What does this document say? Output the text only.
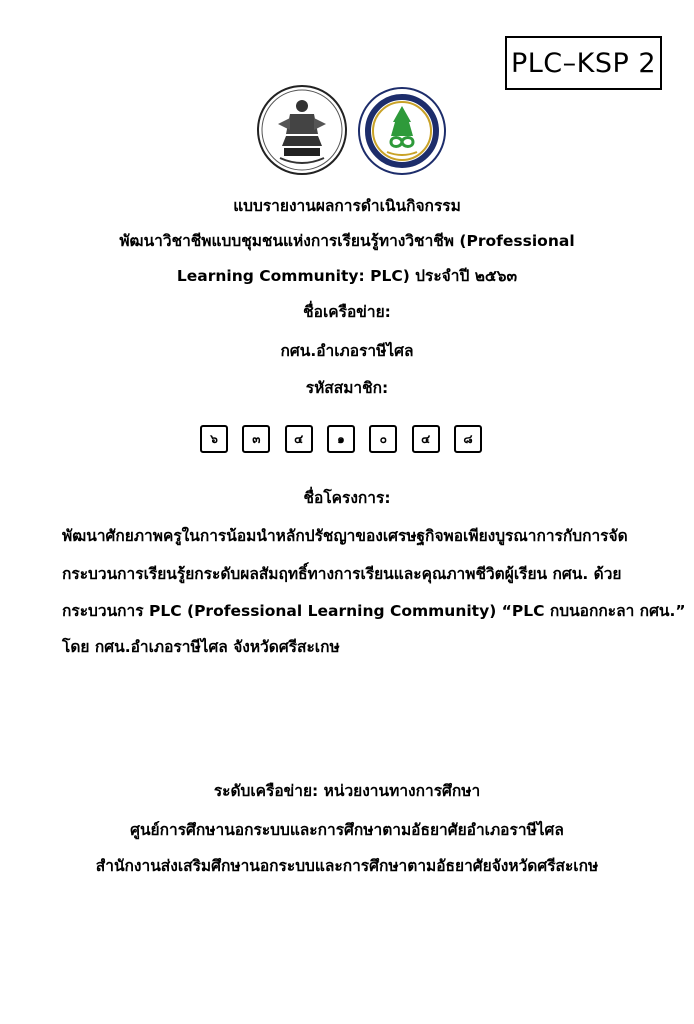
PLC–KSP 2
แบบรายงานผลการดำเนินกิจกรรม
พัฒนาวิชาชีพแบบชุมชนแห่งการเรียนรู้ทางวิชาชีพ (Professional
Learning Community: PLC) ประจำปี ๒๕๖๓
ชื่อเครือข่าย:
กศน.อำเภอราษีไศล
รหัสสมาชิก:
๖	๓	๔	๑	๐	๔	๘
ชื่อโครงการ:
พัฒนาศักยภาพครูในการน้อมนำหลักปรัชญาของเศรษฐกิจพอเพียงบูรณาการกับการจัด
กระบวนการเรียนรู้ยกระดับผลสัมฤทธิ์ทางการเรียนและคุณภาพชีวิตผู้เรียน กศน. ด้วย
กระบวนการ PLC (Professional Learning Community) “PLC กบนอกกะลา กศน.”
โดย กศน.อำเภอราษีไศล จังหวัดศรีสะเกษ
ระดับเครือข่าย: หน่วยงานทางการศึกษา
ศูนย์การศึกษานอกระบบและการศึกษาตามอัธยาศัยอำเภอราษีไศล
สำนักงานส่งเสริมศึกษานอกระบบและการศึกษาตามอัธยาศัยจังหวัดศรีสะเกษ
